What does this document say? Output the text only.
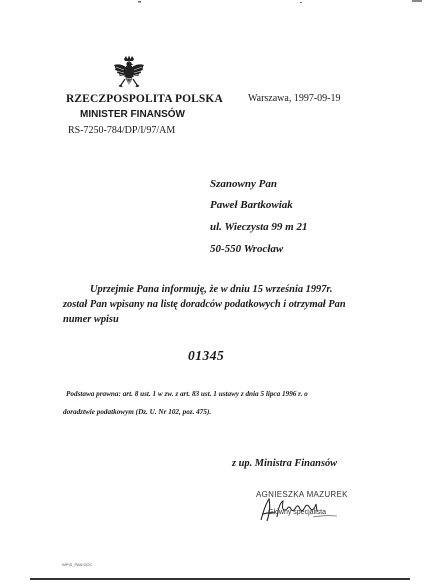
RZECZPOSPOLITA POLSKA
MINISTER FINANSÓW
RS-7250-784/DP/I/97/AM
Warszawa, 1997-09-19
Szanowny Pan
Paweł Bartkowiak
ul. Wieczysta 99 m 21
50-550 Wrocław
Uprzejmie Pana informuję, że w dniu 15 września 1997r.
został Pan wpisany na listę doradców podatkowych i otrzymał Pan
numer wpisu
01345
Podstawa prawna: art. 8 ust. 1 w zw. z art. 83 ust. 1 ustawy z dnia 5 lipca 1996 r. o
doradztwie podatkowym (Dz. U. Nr 102, poz. 475).
z up. Ministra Finansów
AGNIESZKA MAZUREK
Główny specjalista
WPIS_PAN.DOC
